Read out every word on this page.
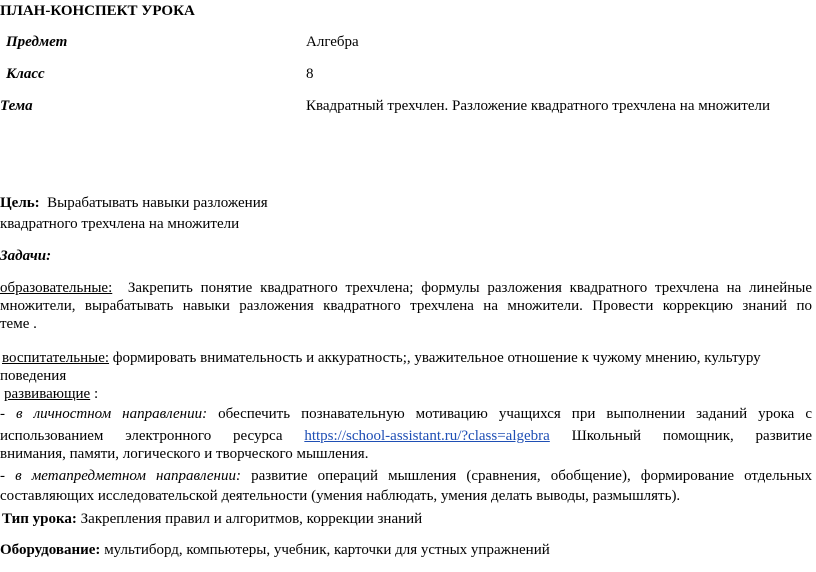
ПЛАН-КОНСПЕКТ УРОКА
Предмет	Алгебра
Класс	8
Тема	Квадратный трехчлен. Разложение квадратного трехчлена на множители
Цель: Вырабатывать навыки разложения
квадратного трехчлена на множители
Задачи:
образовательные: Закрепить понятие квадратного трехчлена; формулы разложения квадратного трехчлена на линейные
множители, вырабатывать навыки разложения квадратного трехчлена на множители. Провести коррекцию знаний по
теме .
воспитательные: формировать внимательность и аккуратность;, уважительное отношение к чужому мнению, культуру
поведения
развивающие :
- в личностном направлении: обеспечить познавательную мотивацию учащихся при выполнении заданий урока с
использованием электронного ресурса https://school-assistant.ru/?class=algebra Школьный помощник, развитие
внимания, памяти, логического и творческого мышления.
- в метапредметном направлении: развитие операций мышления (сравнения, обобщение), формирование отдельных
составляющих исследовательской деятельности (умения наблюдать, умения делать выводы, размышлять).
Тип урока: Закрепления правил и алгоритмов, коррекции знаний
Оборудование: мультиборд, компьютеры, учебник, карточки для устных упражнений
